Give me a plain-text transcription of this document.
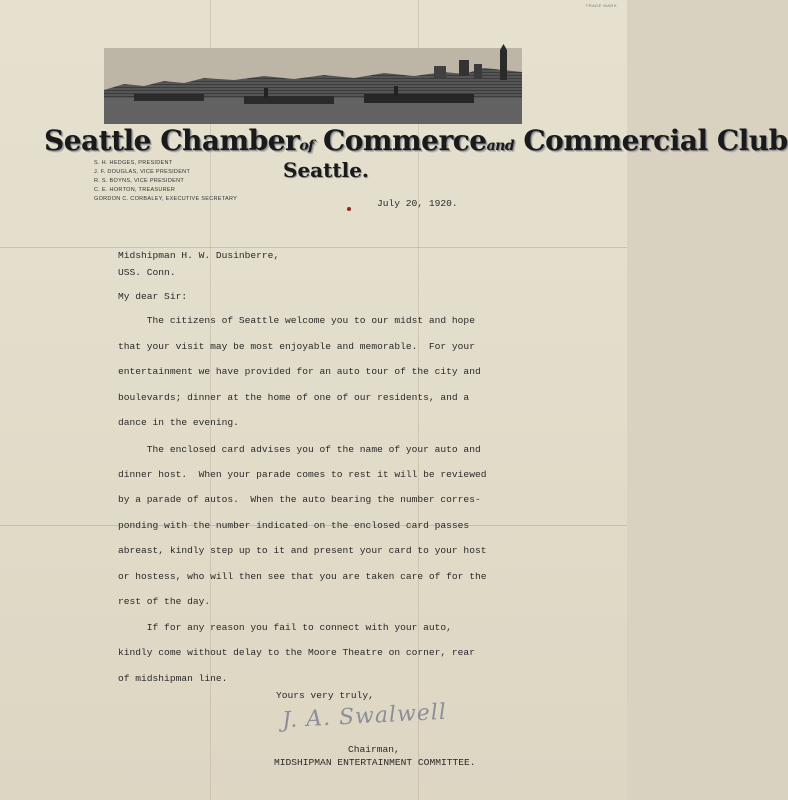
Seattle Chamberof Commerceand Commercial Club
S. H. HEDGES, PRESIDENT
J. F. DOUGLAS, VICE PRESIDENT
R. S. BOYNS, VICE PRESIDENT
C. E. HORTON, TREASURER
GORDON C. CORBALEY, EXECUTIVE SECRETARY
Seattle.
July 20, 1920.
Midshipman H. W. Dusinberre,
USS. Conn.
My dear Sir:
The citizens of Seattle welcome you to our midst and hope
that your visit may be most enjoyable and memorable.  For your
entertainment we have provided for an auto tour of the city and
boulevards; dinner at the home of one of our residents, and a
dance in the evening.
The enclosed card advises you of the name of your auto and
dinner host.  When your parade comes to rest it will be reviewed
by a parade of autos.  When the auto bearing the number corres-
ponding with the number indicated on the enclosed card passes
abreast, kindly step up to it and present your card to your host
or hostess, who will then see that you are taken care of for the
rest of the day.
If for any reason you fail to connect with your auto,
kindly come without delay to the Moore Theatre on corner, rear
of midshipman line.
Yours very truly,
J. A. Swalwell
Chairman,
MIDSHIPMAN ENTERTAINMENT COMMITTEE.
TRADE MARK
